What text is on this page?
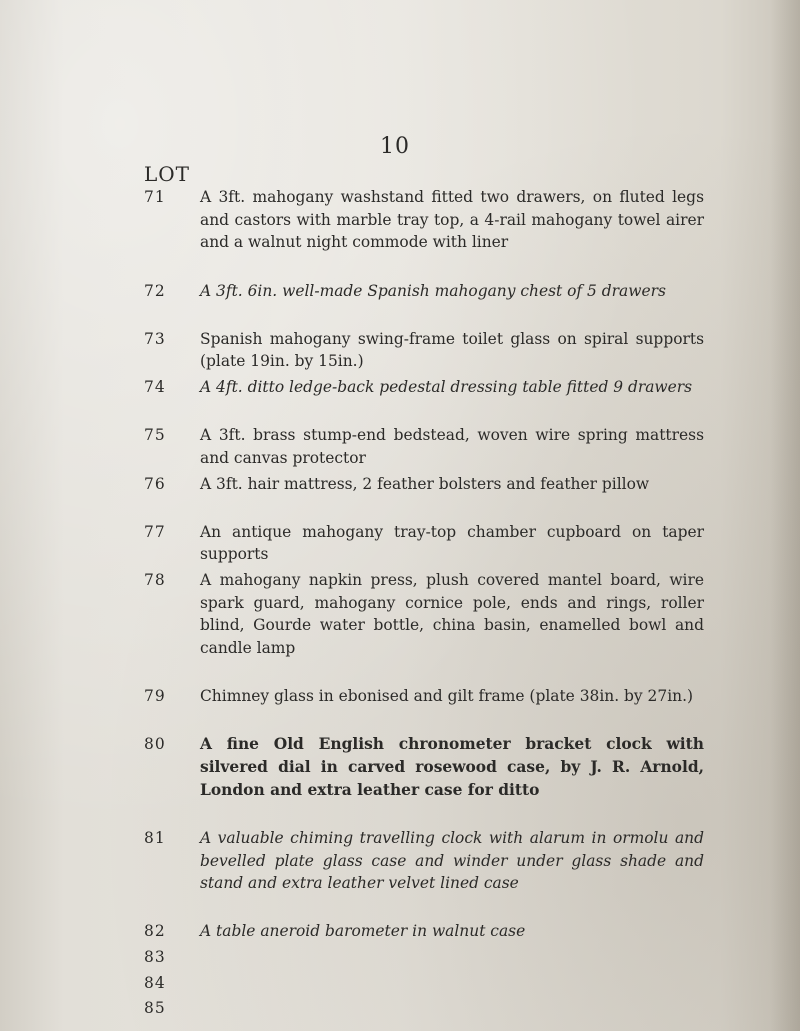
10
LOT
71	A 3ft. mahogany washstand fitted two drawers, on fluted legs and castors with marble tray top, a 4-rail mahogany towel airer and a walnut night commode with liner
72	A 3ft. 6in. well-made Spanish mahogany chest of 5 drawers
73	Spanish mahogany swing-frame toilet glass on spiral supports (plate 19in. by 15in.)
74	A 4ft. ditto ledge-back pedestal dressing table fitted 9 drawers
75	A 3ft. brass stump-end bedstead, woven wire spring mattress and canvas protector
76	A 3ft. hair mattress, 2 feather bolsters and feather pillow
77	An antique mahogany tray-top chamber cupboard on taper supports
78	A mahogany napkin press, plush covered mantel board, wire spark guard, mahogany cornice pole, ends and rings, roller blind, Gourde water bottle, china basin, enamelled bowl and candle lamp
79	Chimney glass in ebonised and gilt frame (plate 38in. by 27in.)
80	A fine Old English chronometer bracket clock with silvered dial in carved rosewood case, by J. R. Arnold, London and extra leather case for ditto
81	A valuable chiming travelling clock with alarum in ormolu and bevelled plate glass case and winder under glass shade and stand and extra leather velvet lined case
82	A table aneroid barometer in walnut case
83
84
85
